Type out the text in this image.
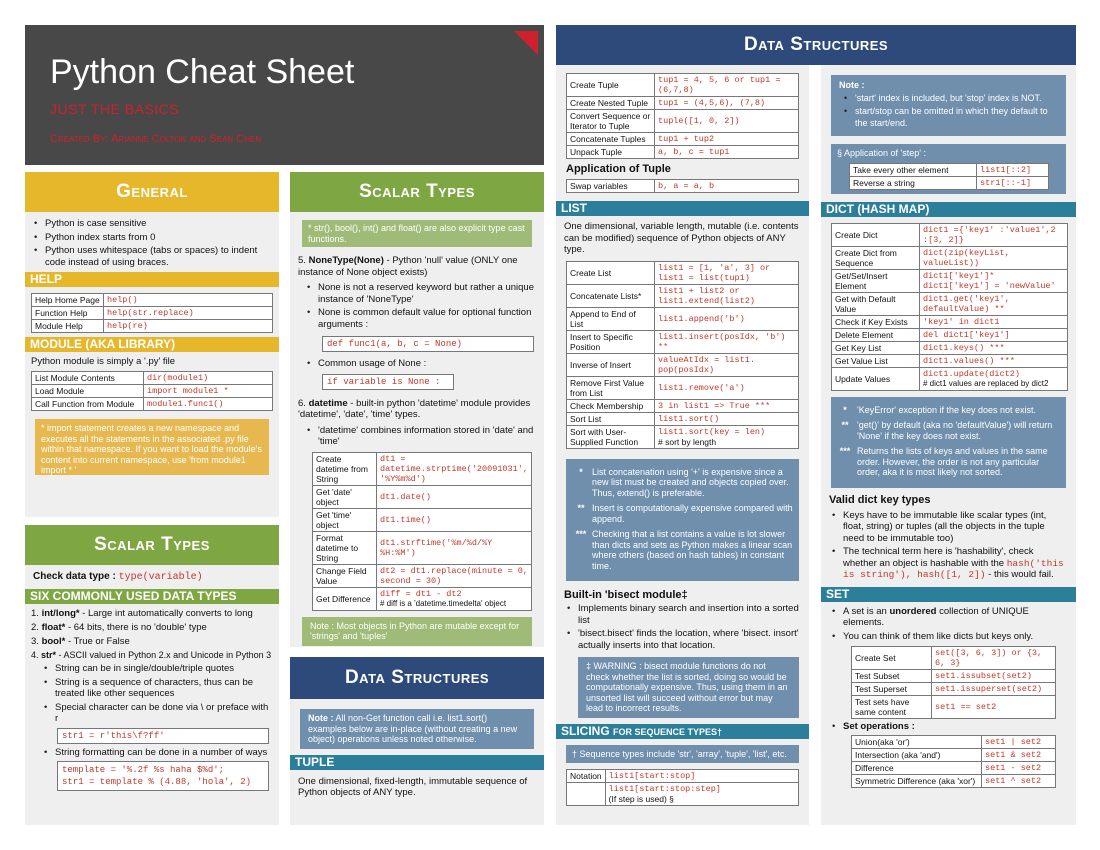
Python Cheat Sheet
JUST THE BASICS
Created By: Arianne Colton and Sean Chen
General
• Python is case sensitive
• Python index starts from 0
• Python uses whitespace (tabs or spaces) to indent code instead of using braces.
HELP
Help Home Page	help()
Function Help	help(str.replace)
Module Help	help(re)
MODULE (AKA LIBRARY)
Python module is simply a '.py' file
List Module Contents	dir(module1)
Load Module	import module1 *
Call Function from Module	module1.func1()
* import statement creates a new namespace and executes all the statements in the associated .py file within that namespace. If you want to load the module's content into current namespace, use 'from module1 import * '
Scalar Types
Check data type : type(variable)
SIX COMMONLY USED DATA TYPES
1. int/long* - Large int automatically converts to long
2. float* - 64 bits, there is no 'double' type
3. bool* - True or False
4. str* - ASCII valued in Python 2.x and Unicode in Python 3
• String can be in single/double/triple quotes
• String is a sequence of characters, thus can be treated like other sequences
• Special character can be done via \ or preface with r
str1 = r'this\f?ff'
• String formatting can be done in a number of ways
template = '%.2f %s haha $%d';
str1 = template % (4.88, 'hola', 2)
Scalar Types
* str(), bool(), int() and float() are also explicit type cast functions.
5. NoneType(None) - Python 'null' value (ONLY one instance of None object exists)
• None is not a reserved keyword but rather a unique instance of 'NoneType'
• None is common default value for optional function arguments :
def func1(a, b, c = None)
• Common usage of None :
if variable is None :
6. datetime - built-in python 'datetime' module provides 'datetime', 'date', 'time' types.
• 'datetime' combines information stored in 'date' and 'time'
Create datetime from String	dt1 = datetime.strptime('20091031', '%Y%m%d')
Get 'date' object	dt1.date()
Get 'time' object	dt1.time()
Format datetime to String	dt1.strftime('%m/%d/%Y %H:%M')
Change Field Value	dt2 = dt1.replace(minute = 0, second = 30)
Get Difference	diff = dt1 - dt2
# diff is a 'datetime.timedelta' object
Note : Most objects in Python are mutable except for 'strings' and 'tuples'
Data Structures
Note : All non-Get function call i.e. list1.sort() examples below are in-place (without creating a new object) operations unless noted otherwise.
TUPLE
One dimensional, fixed-length, immutable sequence of Python objects of ANY type.
Data Structures
Create Tuple	tup1 = 4, 5, 6 or tup1 = (6,7,8)
Create Nested Tuple	tup1 = (4,5,6), (7,8)
Convert Sequence or Iterator to Tuple	tuple([1, 0, 2])
Concatenate Tuples	tup1 + tup2
Unpack Tuple	a, b, c = tup1
Application of Tuple
Swap variables	b, a = a, b
LIST
One dimensional, variable length, mutable (i.e. contents can be modified) sequence of Python objects of ANY type.
Create List	list1 = [1, 'a', 3] or list1 = list(tup1)
Concatenate Lists*	list1 + list2 or list1.extend(list2)
Append to End of List	list1.append('b')
Insert to Specific Position	list1.insert(posIdx, 'b') **
Inverse of Insert	valueAtIdx = list1. pop(posIdx)
Remove First Value from List	list1.remove('a')
Check Membership	3 in list1 => True ***
Sort List	list1.sort()
Sort with User-Supplied Function	list1.sort(key = len)
# sort by length
*	List concatenation using '+' is expensive since a new list must be created and objects copied over. Thus, extend() is preferable.
** Insert is computationally expensive compared with append.
*** Checking that a list contains a value is lot slower than dicts and sets as Python makes a linear scan where others (based on hash tables) in constant time.
Built-in 'bisect module‡
• Implements binary search and insertion into a sorted list
• 'bisect.bisect' finds the location, where 'bisect. insort' actually inserts into that location.
‡ WARNING : bisect module functions do not check whether the list is sorted, doing so would be computationally expensive. Thus, using them in an unsorted list will succeed without error but may lead to incorrect results.
SLICING FOR SEQUENCE TYPES†
† Sequence types include 'str', 'array', 'tuple', 'list', etc.
Notation	list1[start:stop]

	list1[start:stop:step]
(If step is used) §
Note :
• 'start' index is included, but 'stop' index is NOT.
• start/stop can be omitted in which they default to the start/end.
§ Application of 'step' :
Take every other element	list1[::2]
Reverse a string	str1[::-1]
DICT (HASH MAP)
Create Dict	dict1 ={'key1' :'value1',2 :[3, 2]}
Create Dict from Sequence	dict(zip(keyList, valueList))
Get/Set/Insert Element	dict1['key1']* dict1['key1'] = 'newValue'
Get with Default Value	dict1.get('key1', defaultValue) **
Check if Key Exists	'key1' in dict1
Delete Element	del dict1['key1']
Get Key List	dict1.keys() ***
Get Value List	dict1.values() ***
Update Values	dict1.update(dict2)
# dict1 values are replaced by dict2
*	'KeyError' exception if the key does not exist.
** 'get()' by default (aka no 'defaultValue') will return 'None' if the key does not exist.
*** Returns the lists of keys and values in the same order. However, the order is not any particular order, aka it is most likely not sorted.
Valid dict key types
• Keys have to be immutable like scalar types (int, float, string) or tuples (all the objects in the tuple need to be immutable too)
• The technical term here is 'hashability', check whether an object is hashable with the hash('this is string'), hash([1, 2]) - this would fail.
SET
• A set is an unordered collection of UNIQUE elements.
• You can think of them like dicts but keys only.
Create Set	set([3, 6, 3]) or {3, 6, 3}
Test Subset	set1.issubset(set2)
Test Superset	set1.issuperset(set2)
Test sets have same content	set1 == set2
• Set operations :
Union(aka 'or')	set1 | set2
Intersection (aka 'and')	set1 & set2
Difference	set1 - set2
Symmetric Difference (aka 'xor')	set1 ^ set2
